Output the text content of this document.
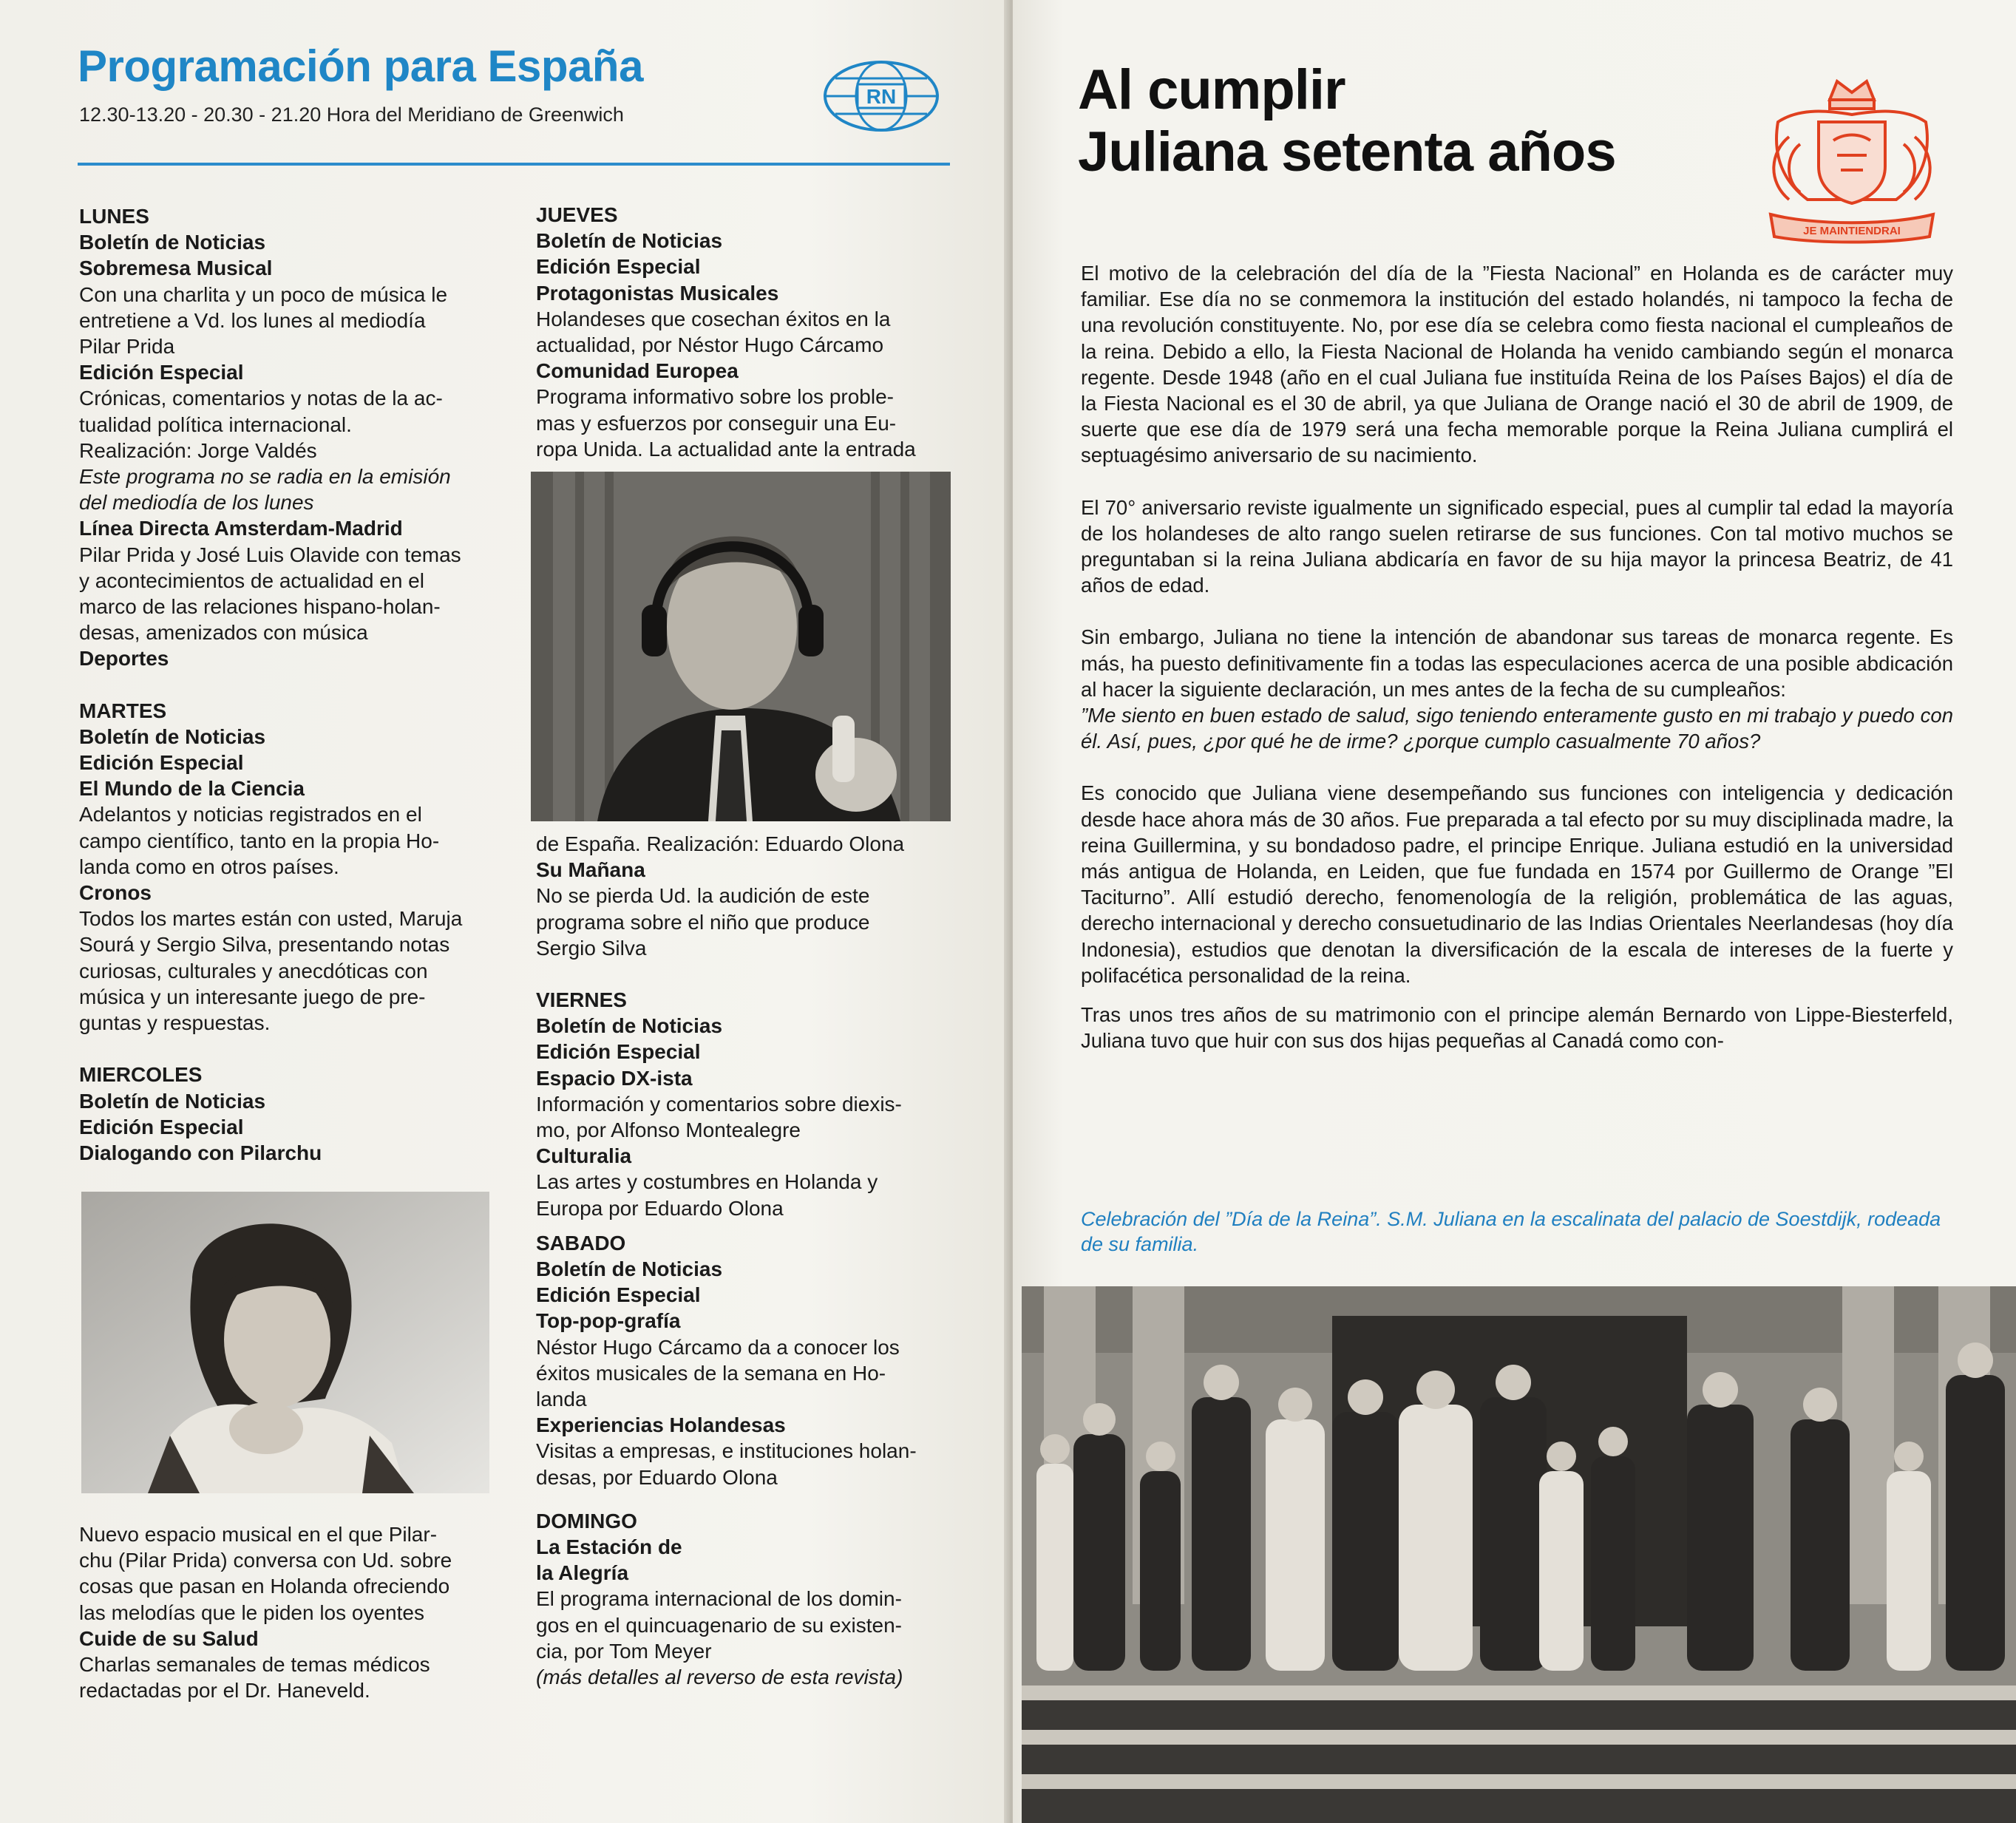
Programación para España
12.30-13.20 - 20.30 - 21.20 Hora del Meridiano de Greenwich
RN

LUNES

Boletín de Noticias

Sobremesa Musical

Con una charlita y un poco de música le

entretiene a Vd. los lunes al mediodía

Pilar Prida

Edición Especial

Crónicas, comentarios y notas de la ac-

tualidad política internacional.

Realización: Jorge Valdés

Este programa no se radia en la emisión

del mediodía de los lunes

Línea Directa Amsterdam-Madrid

Pilar Prida y José Luis Olavide con temas

y acontecimientos de actualidad en el

marco de las relaciones hispano-holan-

desas, amenizados con música

Deportes

MARTES

Boletín de Noticias

Edición Especial

El Mundo de la Ciencia

Adelantos y noticias registrados en el

campo científico, tanto en la propia Ho-

landa como en otros países.

Cronos

Todos los martes están con usted, Maruja

Sourá y Sergio Silva, presentando notas

curiosas, culturales y anecdóticas con

música y un interesante juego de pre-

guntas y respuestas.

MIERCOLES

Boletín de Noticias

Edición Especial

Dialogando con Pilarchu

Nuevo espacio musical en el que Pilar-

chu (Pilar Prida) conversa con Ud. sobre

cosas que pasan en Holanda ofreciendo

las melodías que le piden los oyentes

Cuide de su Salud

Charlas semanales de temas médicos

redactadas por el Dr. Haneveld.

JUEVES

Boletín de Noticias

Edición Especial

Protagonistas Musicales

Holandeses que cosechan éxitos en la

actualidad, por Néstor Hugo Cárcamo

Comunidad Europea

Programa informativo sobre los proble-

mas y esfuerzos por conseguir una Eu-

ropa Unida. La actualidad ante la entrada

de España. Realización: Eduardo Olona

Su Mañana

No se pierda Ud. la audición de este

programa sobre el niño que produce

Sergio Silva

VIERNES

Boletín de Noticias

Edición Especial

Espacio DX-ista

Información y comentarios sobre diexis-

mo, por Alfonso Montealegre

Culturalia

Las artes y costumbres en Holanda y

Europa por Eduardo Olona

SABADO

Boletín de Noticias

Edición Especial

Top-pop-grafía

Néstor Hugo Cárcamo da a conocer los

éxitos musicales de la semana en Ho-

landa

Experiencias Holandesas

Visitas a empresas, e instituciones holan-

desas, por Eduardo Olona

DOMINGO

La Estación de

la Alegría

El programa internacional de los domin-

gos en el quincuagenario de su existen-

cia, por Tom Meyer

(más detalles al reverso de esta revista)

Al cumplir
Juliana setenta años
JE MAINTIENDRAI

El motivo de la celebración del día de la ”Fiesta Nacional” en Holanda es de carácter muy familiar. Ese día no se conmemora la institución del estado holandés, ni tampoco la fecha de una revolución constituyente. No, por ese día se celebra como fiesta nacional el cumpleaños de la reina. Debido a ello, la Fiesta Nacional de Holanda ha venido cambiando según el monarca regente. Desde 1948 (año en el cual Juliana fue instituída Reina de los Países Bajos) el día de la Fiesta Nacional es el 30 de abril, ya que Juliana de Orange nació el 30 de abril de 1909, de suerte que ese día de 1979 será una fecha memorable porque la Reina Juliana cumplirá el septuagésimo aniversario de su nacimiento.

El 70° aniversario reviste igualmente un significado especial, pues al cumplir tal edad la mayoría de los holandeses de alto rango suelen retirarse de sus funciones. Con tal motivo muchos se preguntaban si la reina Juliana abdicaría en favor de su hija mayor la princesa Beatriz, de 41 años de edad.

Sin embargo, Juliana no tiene la intención de abandonar sus tareas de monarca regente. Es más, ha puesto definitivamente fin a todas las especulaciones acerca de una posible abdicación al hacer la siguiente declaración, un mes antes de la fecha de su cumpleaños:

”Me siento en buen estado de salud, sigo teniendo enteramente gusto en mi trabajo y puedo con él. Así, pues, ¿por qué he de irme? ¿porque cumplo casualmente 70 años?

Es conocido que Juliana viene desempeñando sus funciones con inteligencia y dedicación desde hace ahora más de 30 años. Fue preparada a tal efecto por su muy disciplinada madre, la reina Guillermina, y su bondadoso padre, el principe Enrique. Juliana estudió en la universidad más antigua de Holanda, en Leiden, que fue fundada en 1574 por Guillermo de Orange ”El Taciturno”. Allí estudió derecho, fenomenología de la religión, problemática de las aguas, derecho internacional y derecho consuetudinario de las Indias Orientales Neerlandesas (hoy día Indonesia), estudios que denotan la diversificación de la escala de intereses de la fuerte y polifacética personalidad de la reina.

Tras unos tres años de su matrimonio con el principe alemán Bernardo von Lippe-Biesterfeld, Juliana tuvo que huir con sus dos hijas pequeñas al Canadá como con-

Celebración del ”Día de la Reina”. S.M. Juliana en la escalinata del palacio de Soestdijk, rodeada de su familia.
